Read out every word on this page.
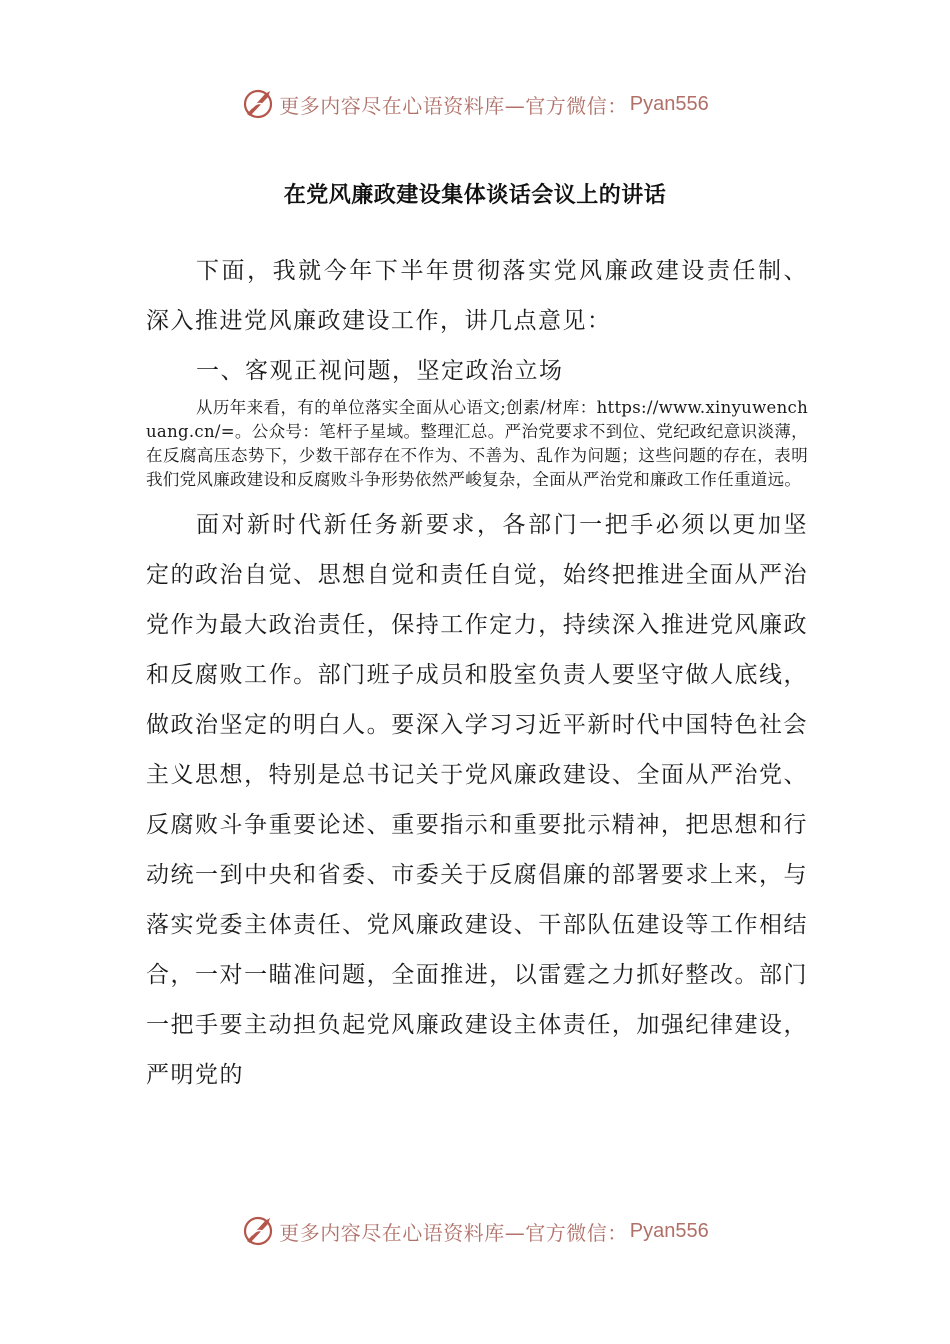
更多内容尽在心语资料库—官方微信： Pyan556
在党风廉政建设集体谈话会议上的讲话

下面，我就今年下半年贯彻落实党风廉政建设责任制、深入推进党风廉政建设工作，讲几点意见：

一、客观正视问题，坚定政治立场

从历年来看，有的单位落实全面从心语文;创素/材库：https://www.xinyuwenchuang.cn/=。公众号：笔杆子星域。整理汇总。严治党要求不到位、党纪政纪意识淡薄，在反腐高压态势下，少数干部存在不作为、不善为、乱作为问题；这些问题的存在，表明我们党风廉政建设和反腐败斗争形势依然严峻复杂，全面从严治党和廉政工作任重道远。

面对新时代新任务新要求，各部门一把手必须以更加坚定的政治自觉、思想自觉和责任自觉，始终把推进全面从严治党作为最大政治责任，保持工作定力，持续深入推进党风廉政和反腐败工作。部门班子成员和股室负责人要坚守做人底线，做政治坚定的明白人。要深入学习习近平新时代中国特色社会主义思想，特别是总书记关于党风廉政建设、全面从严治党、反腐败斗争重要论述、重要指示和重要批示精神，把思想和行动统一到中央和省委、市委关于反腐倡廉的部署要求上来，与落实党委主体责任、党风廉政建设、干部队伍建设等工作相结合，一对一瞄准问题，全面推进，以雷霆之力抓好整改。部门一把手要主动担负起党风廉政建设主体责任，加强纪律建设，严明党的

更多内容尽在心语资料库—官方微信： Pyan556
